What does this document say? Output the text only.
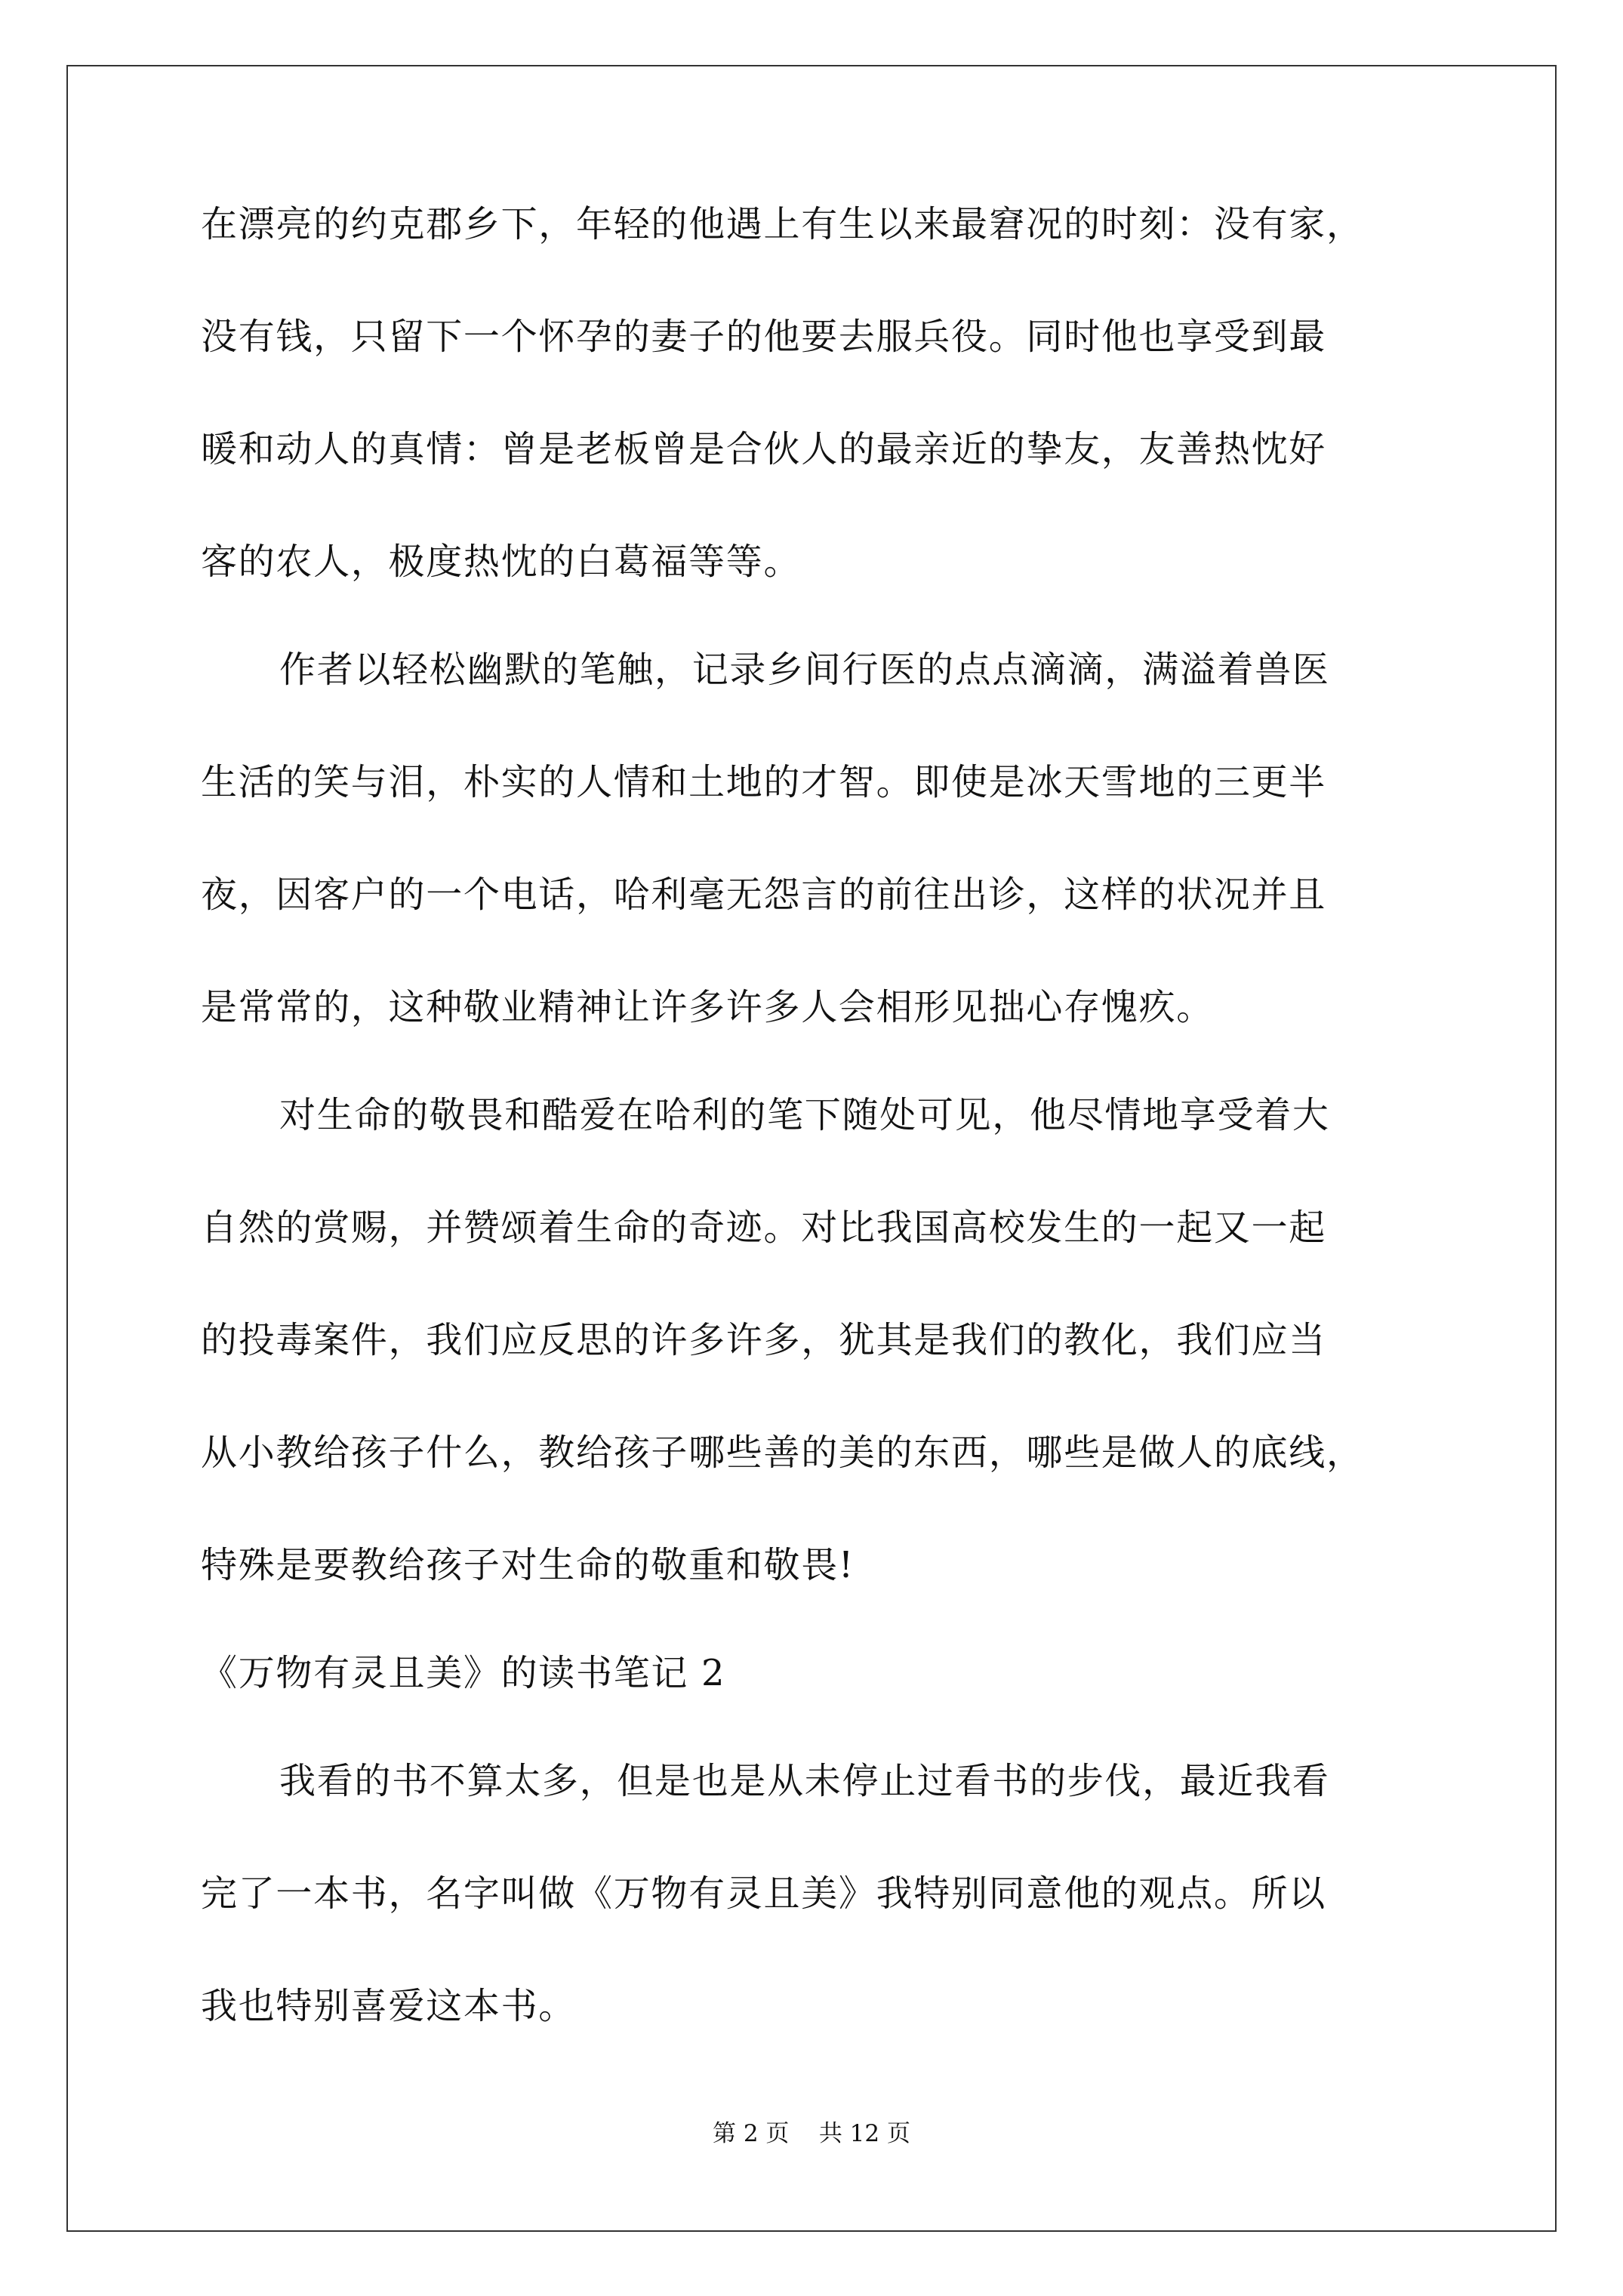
在漂亮的约克郡乡下，年轻的他遇上有生以来最窘况的时刻：没有家，
没有钱，只留下一个怀孕的妻子的他要去服兵役。同时他也享受到最
暖和动人的真情：曾是老板曾是合伙人的最亲近的挚友，友善热忱好
客的农人，极度热忱的白葛福等等。
作者以轻松幽默的笔触，记录乡间行医的点点滴滴，满溢着兽医
生活的笑与泪，朴实的人情和土地的才智。即使是冰天雪地的三更半
夜，因客户的一个电话，哈利毫无怨言的前往出诊，这样的状况并且
是常常的，这种敬业精神让许多许多人会相形见拙心存愧疚。
对生命的敬畏和酷爱在哈利的笔下随处可见，他尽情地享受着大
自然的赏赐，并赞颂着生命的奇迹。对比我国高校发生的一起又一起
的投毒案件，我们应反思的许多许多，犹其是我们的教化，我们应当
从小教给孩子什么，教给孩子哪些善的美的东西，哪些是做人的底线，
特殊是要教给孩子对生命的敬重和敬畏!
《万物有灵且美》的读书笔记 2
我看的书不算太多，但是也是从未停止过看书的步伐，最近我看
完了一本书，名字叫做《万物有灵且美》我特别同意他的观点。所以
我也特别喜爱这本书。
第 2 页    共 12 页
